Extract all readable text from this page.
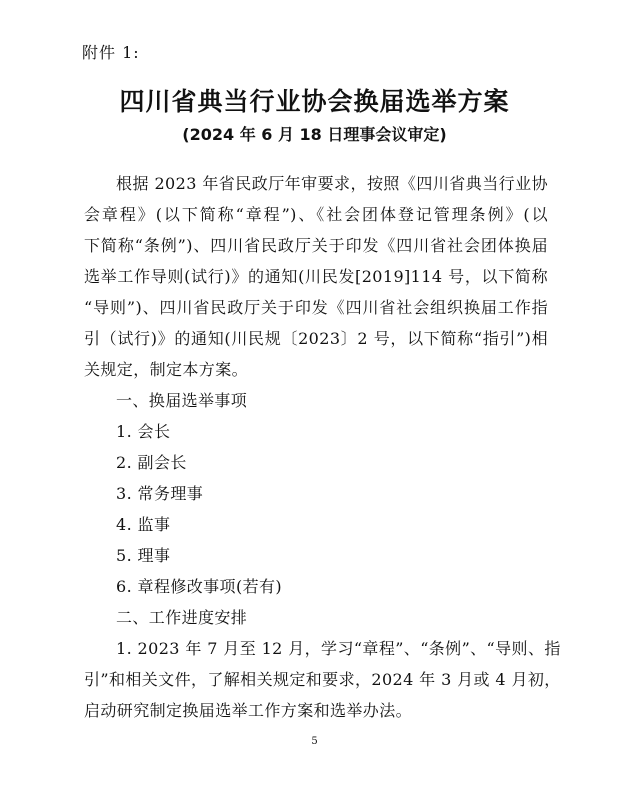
附件 1:
四川省典当行业协会换届选举方案
(2024 年 6 月 18 日理事会议审定)
根据 2023 年省民政厅年审要求，按照《四川省典当行业协
会章程》(以下简称“章程”)、《社会团体登记管理条例》(以
下简称“条例”)、四川省民政厅关于印发《四川省社会团体换届
选举工作导则(试行)》的通知(川民发[2019]114 号，以下简称
“导则”)、四川省民政厅关于印发《四川省社会组织换届工作指
引（试行)》的通知(川民规〔2023〕2 号，以下简称“指引”)相
关规定，制定本方案。
一、换届选举事项
1. 会长
2. 副会长
3. 常务理事
4. 监事
5. 理事
6. 章程修改事项(若有)
二、工作进度安排
1. 2023 年 7 月至 12 月，学习“章程”、“条例”、“导则、指
引”和相关文件，了解相关规定和要求，2024 年 3 月或 4 月初，
启动研究制定换届选举工作方案和选举办法。
5
